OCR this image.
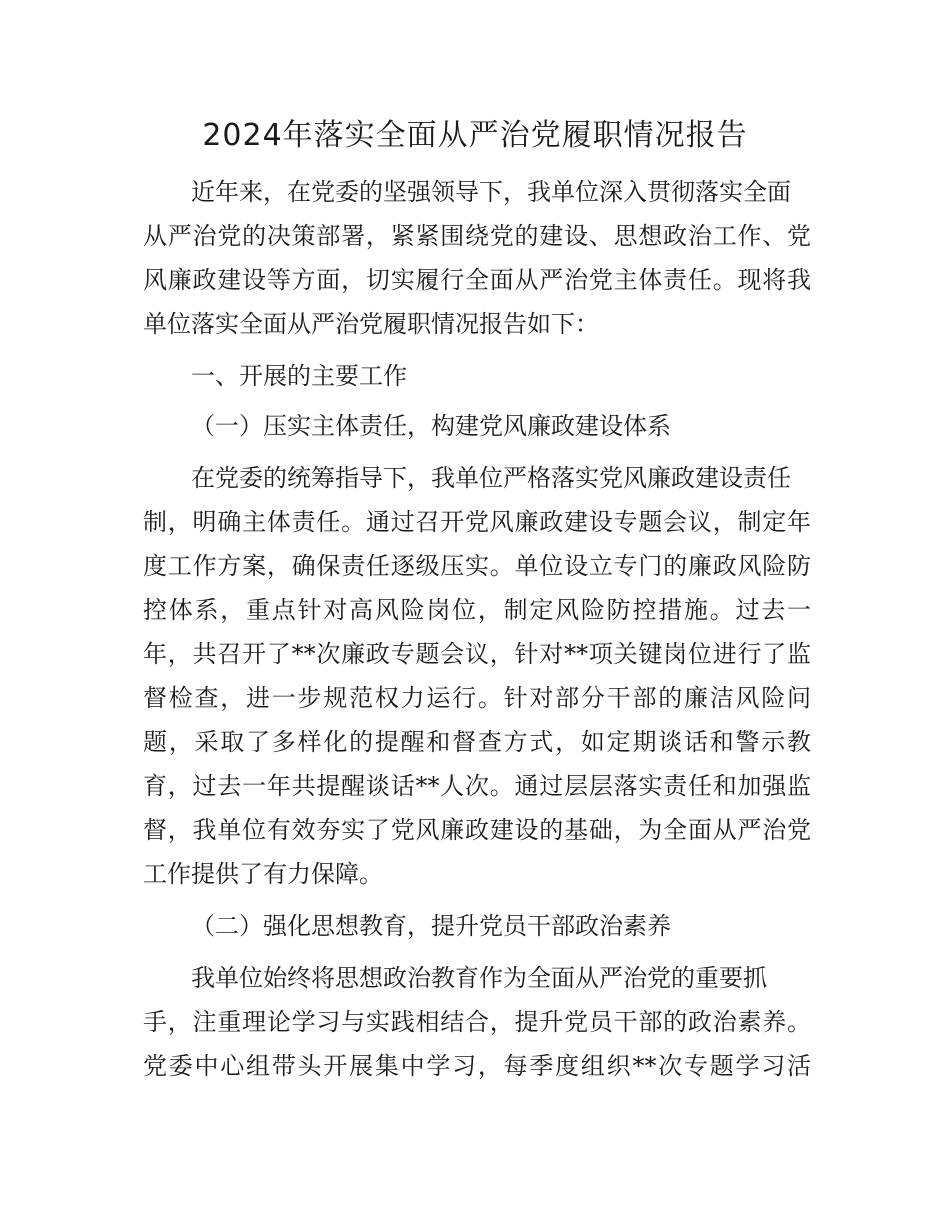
2024年落实全面从严治党履职情况报告
近年来，在党委的坚强领导下，我单位深入贯彻落实全面
从严治党的决策部署，紧紧围绕党的建设、思想政治工作、党
风廉政建设等方面，切实履行全面从严治党主体责任。现将我
单位落实全面从严治党履职情况报告如下：
一、开展的主要工作
（一）压实主体责任，构建党风廉政建设体系
在党委的统筹指导下，我单位严格落实党风廉政建设责任
制，明确主体责任。通过召开党风廉政建设专题会议，制定年
度工作方案，确保责任逐级压实。单位设立专门的廉政风险防
控体系，重点针对高风险岗位，制定风险防控措施。过去一
年，共召开了**次廉政专题会议，针对**项关键岗位进行了监
督检查，进一步规范权力运行。针对部分干部的廉洁风险问
题，采取了多样化的提醒和督查方式，如定期谈话和警示教
育，过去一年共提醒谈话**人次。通过层层落实责任和加强监
督，我单位有效夯实了党风廉政建设的基础，为全面从严治党
工作提供了有力保障。
（二）强化思想教育，提升党员干部政治素养
我单位始终将思想政治教育作为全面从严治党的重要抓
手，注重理论学习与实践相结合，提升党员干部的政治素养。
党委中心组带头开展集中学习，每季度组织**次专题学习活
